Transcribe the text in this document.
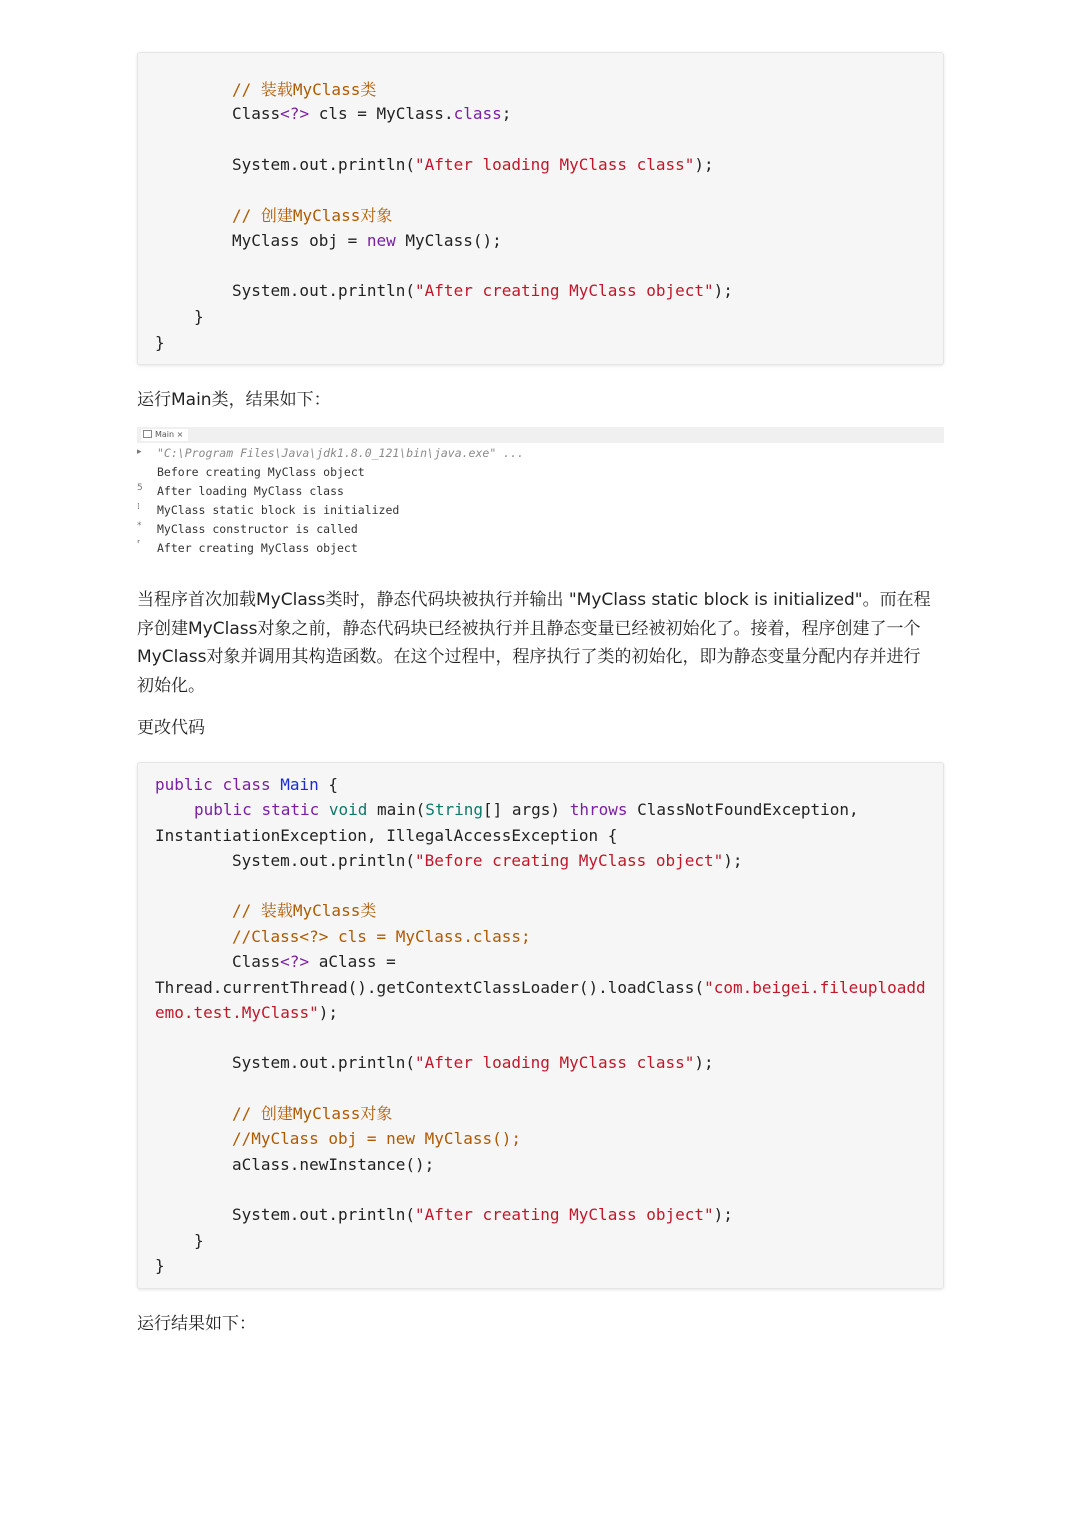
// 装载MyClass类
Class<?> cls = MyClass.class;
System.out.println("After loading MyClass class");
// 创建MyClass对象
MyClass obj = new MyClass();
System.out.println("After creating MyClass object");
}
}
运行Main类，结果如下：
Main ×
▸
5
⁞
*
⸢
"C:\Program Files\Java\jdk1.8.0_121\bin\java.exe" ...
Before creating MyClass object
After loading MyClass class
MyClass static block is initialized
MyClass constructor is called
After creating MyClass object
当程序首次加载MyClass类时，静态代码块被执行并输出 "MyClass static block is initialized"。而在程序创建MyClass对象之前，静态代码块已经被执行并且静态变量已经被初始化了。接着，程序创建了一个MyClass对象并调用其构造函数。在这个过程中，程序执行了类的初始化，即为静态变量分配内存并进行初始化。
更改代码
public class Main {
public static void main(String[] args) throws ClassNotFoundException,
InstantiationException, IllegalAccessException {
System.out.println("Before creating MyClass object");
// 装载MyClass类
//Class<?> cls = MyClass.class;
Class<?> aClass =
Thread.currentThread().getContextClassLoader().loadClass("com.beigei.fileuploadd
emo.test.MyClass");
System.out.println("After loading MyClass class");
// 创建MyClass对象
//MyClass obj = new MyClass();
aClass.newInstance();
System.out.println("After creating MyClass object");
}
}
运行结果如下：
